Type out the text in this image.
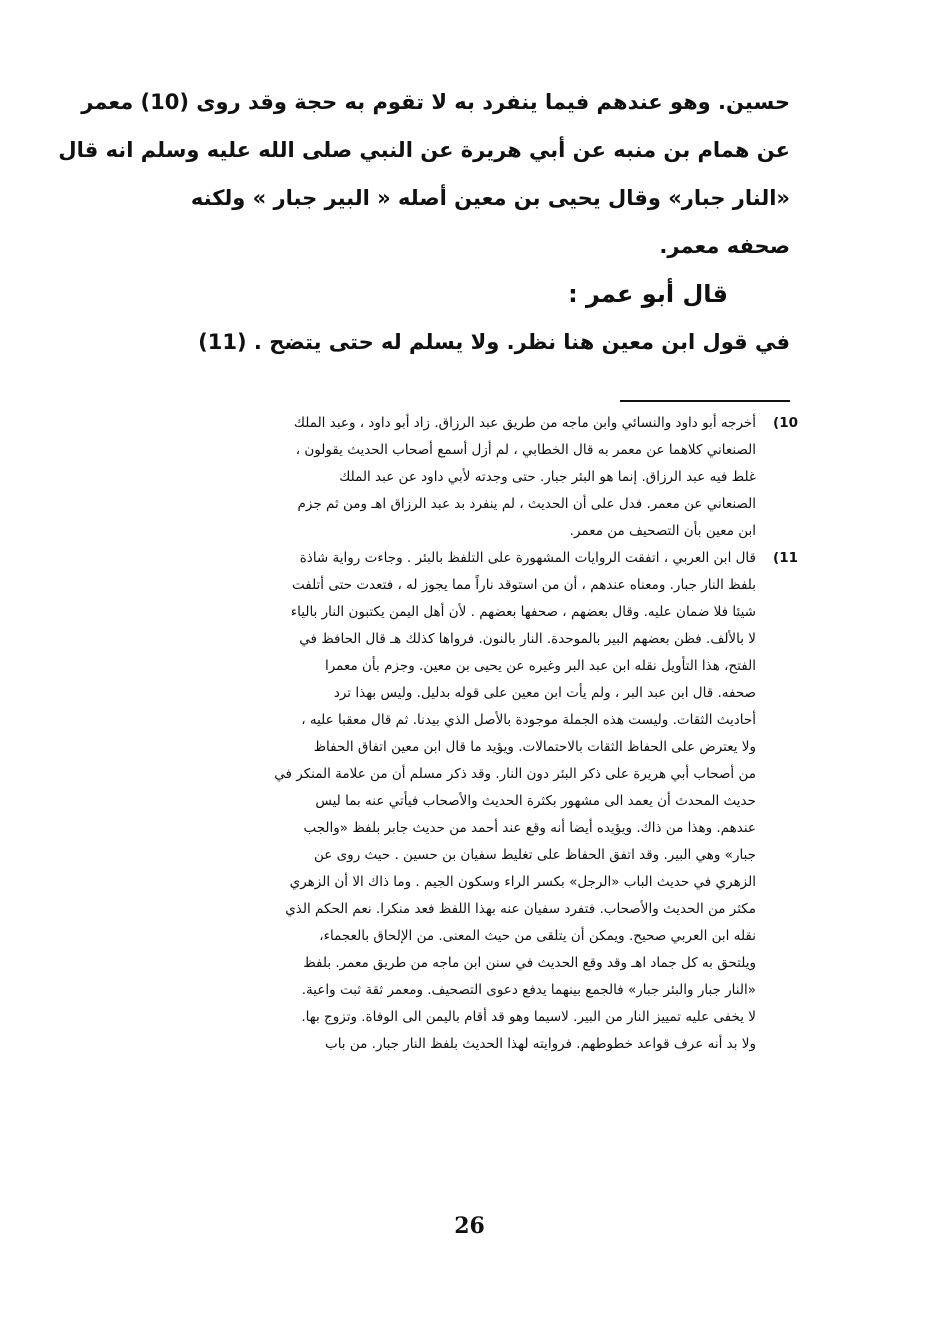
حسين. وهو عندهم فيما ينفرد به لا تقوم به حجة وقد روى (10) معمر
عن همام بن منبه عن أبي هريرة عن النبي صلى الله عليه وسلم انه قال
«النار جبار» وقال يحيى بن معين أصله « البير جبار » ولكنه
صحفه معمر.
قال أبو عمر :
في قول ابن معين هنا نظر. ولا يسلم له حتى يتضح . (11)
(10
أخرجه أبو داود والنسائي وابن ماجه من طريق عبد الرزاق. زاد أبو داود ، وعبد الملك
الصنعاني كلاهما عن معمر به قال الخطابي ، لم أزل أسمع أصحاب الحديث يقولون ،
غلط فيه عبد الرزاق. إنما هو البئر جبار. حتى وجدته لأبي داود عن عبد الملك
الصنعاني عن معمر. فدل على أن الحديث ، لم ينفرد بد عبد الرزاق اهـ ومن ثم جزم
ابن معين بأن التصحيف من معمر.
(11
قال ابن العربي ، اتفقت الروايات المشهورة على التلفظ بالبئر . وجاءت رواية شاذة
بلفظ النار جبار. ومعناه عندهم ، أن من استوقد ناراً مما يجوز له ، فتعدت حتى أتلفت
شيئا فلا ضمان عليه. وقال بعضهم ، صحفها بعضهم . لأن أهل اليمن يكتبون النار بالياء
لا بالألف. فظن بعضهم البير بالموحدة. النار بالنون. فرواها كذلك هـ قال الحافظ في
الفتح، هذا التأويل نقله ابن عبد البر وغيره عن يحيى بن معين. وجزم بأن معمرا
صحفه. قال ابن عبد البر ، ولم يأت ابن معين على قوله بدليل. وليس بهذا ترد
أحاديث الثقات. وليست هذه الجملة موجودة بالأصل الذي بيدنا. ثم قال معقبا عليه ،
ولا يعترض على الحفاظ الثقات بالاحتمالات. ويؤيد ما قال ابن معين اتفاق الحفاظ
من أصحاب أبي هريرة على ذكر البئر دون النار. وقد ذكر مسلم أن من علامة المنكر في
حديث المحدث أن يعمد الى مشهور بكثرة الحديث والأصحاب فيأتي عنه بما ليس
عندهم. وهذا من ذاك. ويؤيده أيضا أنه وقع عند أحمد من حديث جابر بلفظ «والجب
جبار» وهي البير. وقد اتفق الحفاظ على تغليط سفيان بن حسين . حيث روى عن
الزهري في حديث الباب «الرجل» بكسر الراء وسكون الجيم . وما ذاك الا أن الزهري
مكثر من الحديث والأصحاب. فتفرد سفيان عنه بهذا اللفظ فعد منكرا. نعم الحكم الذي
نقله ابن العربي صحيح. ويمكن أن يتلقى من حيث المعنى. من الإلحاق بالعجماء،
ويلتحق به كل جماد اهـ وقد وقع الحديث في سنن ابن ماجه من طريق معمر. بلفظ
«النار جبار والبئر جبار» فالجمع بينهما يدفع دعوى التصحيف. ومعمر ثقة ثبت واعية.
لا يخفى عليه تمييز النار من البير. لاسيما وهو قد أقام باليمن الى الوفاة. وتزوج بها.
ولا بد أنه عرف قواعد خطوطهم. فروايته لهذا الحديث بلفظ النار جبار. من باب
26
